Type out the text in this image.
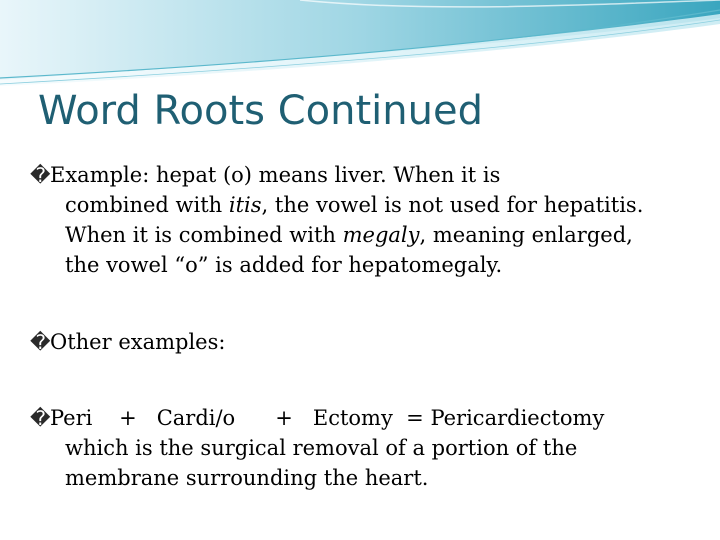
Word Roots Continued
�Example: hepat (o) means liver. When it is
combined with itis, the vowel is not used for hepatitis.
When it is combined with megaly, meaning enlarged,
the vowel “o” is added for hepatomegaly.
�Other examples:
�Peri    +   Cardi/o      +   Ectomy  = Pericardiectomy
which is the surgical removal of a portion of the
membrane surrounding the heart.
